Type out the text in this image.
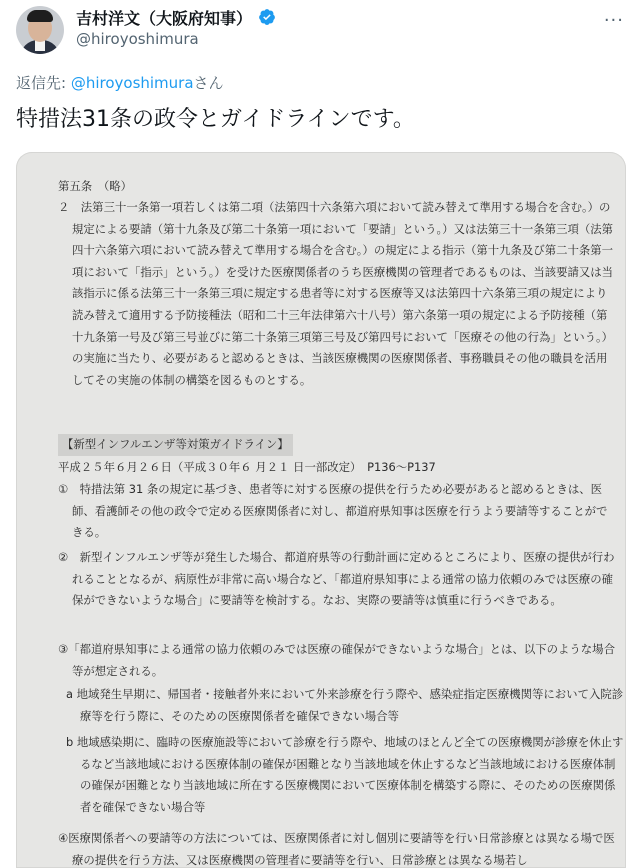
吉村洋文（大阪府知事）
@hiroyoshimura
···
返信先: @hiroyoshimuraさん
特措法31条の政令とガイドラインです。

第五条　（略）

２　法第三十一条第一項若しくは第二項（法第四十六条第六項において読み替えて準用する場合を含む。）の規定による要請（第十九条及び第二十条第一項において「要請」という。）又は法第三十一条第三項（法第四十六条第六項において読み替えて準用する場合を含む。）の規定による指示（第十九条及び第二十条第一項において「指示」という。）を受けた医療関係者のうち医療機関の管理者であるものは、当該要請又は当該指示に係る法第三十一条第三項に規定する患者等に対する医療等又は法第四十六条第三項の規定により読み替えて適用する予防接種法（昭和二十三年法律第六十八号）第六条第一項の規定による予防接種（第十九条第一号及び第三号並びに第二十条第三項第三号及び第四号において「医療その他の行為」という。）の実施に当たり、必要があると認めるときは、当該医療機関の医療関係者、事務職員その他の職員を活用してその実施の体制の構築を図るものとする。

【新型インフルエンザ等対策ガイドライン】

平成２５年６月２６日（平成３０年６ 月２１ 日一部改定）　P136〜P137

①　特措法第 31 条の規定に基づき、患者等に対する医療の提供を行うため必要があると認めるときは、医師、看護師その他の政令で定める医療関係者に対し、都道府県知事は医療を行うよう要請等することができる。

②　新型インフルエンザ等が発生した場合、都道府県等の行動計画に定めるところにより、医療の提供が行われることとなるが、病原性が非常に高い場合など、「都道府県知事による通常の協力依頼のみでは医療の確保ができないような場合」に要請等を検討する。なお、実際の要請等は慎重に行うべきである。

③「都道府県知事による通常の協力依頼のみでは医療の確保ができないような場合」とは、以下のような場合等が想定される。

a 地域発生早期に、帰国者・接触者外来において外来診療を行う際や、感染症指定医療機関等において入院診療等を行う際に、そのための医療関係者を確保できない場合等

b 地域感染期に、臨時の医療施設等において診療を行う際や、地域のほとんど全ての医療機関が診療を休止するなど当該地域における医療体制の確保が困難となり当該地域を休止するなど当該地域における医療体制の確保が困難となり当該地域に所在する医療機関において医療体制を構築する際に、そのための医療関係者を確保できない場合等

④医療関係者への要請等の方法については、医療関係者に対し個別に要請等を行い日常診療とは異なる場で医療の提供を行う方法、又は医療機関の管理者に要請等を行い、日常診療とは異なる場若し
